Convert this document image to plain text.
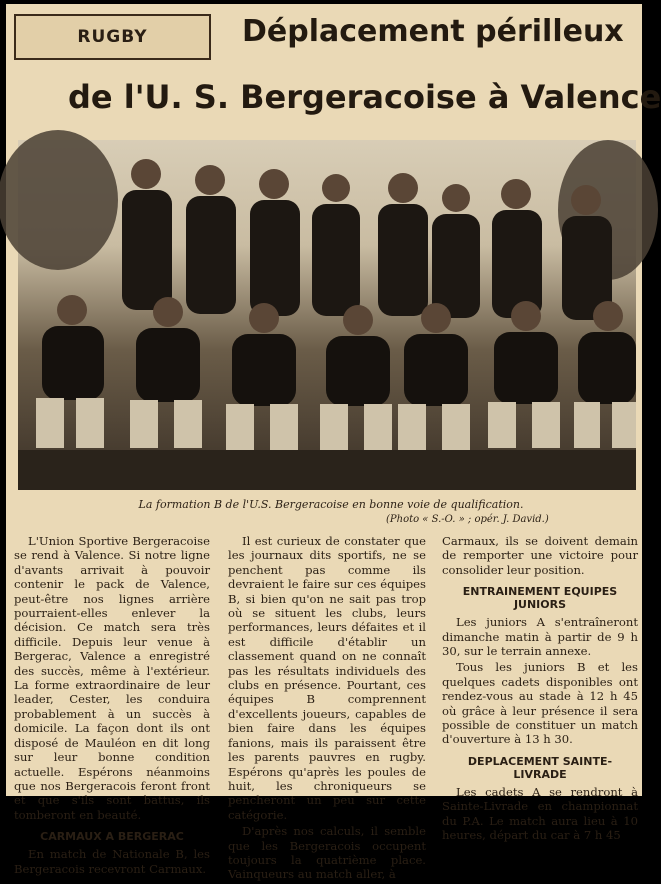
RUGBY	Déplacement périlleux
de l'U. S. Bergeracoise à Valence
La formation B de l'U.S. Bergeracoise en bonne voie de qualification.
(Photo « S.-O. » ; opér. J. David.)

L'Union Sportive Bergeracoise se rend à Valence. Si notre ligne d'avants arrivait à pouvoir contenir le pack de Valence, peut-être nos lignes arrière pourraient-elles enlever la décision. Ce match sera très difficile. Depuis leur venue à Bergerac, Valence a enregistré des succès, même à l'extérieur. La forme extraordinaire de leur leader, Cester, les conduira probablement à un succès à domicile. La façon dont ils ont disposé de Mauléon en dit long sur leur bonne condition actuelle. Espérons néanmoins que nos Bergeracois feront front et que s'ils sont battus, ils tomberont en beauté.

CARMAUX A BERGERAC

En match de Nationale B, les Bergeracois recevront Carmaux.

Il est curieux de constater que les journaux dits sportifs, ne se penchent pas comme ils devraient le faire sur ces équipes B, si bien qu'on ne sait pas trop où se situent les clubs, leurs performances, leurs défaites et il est difficile d'établir un classement quand on ne connaît pas les résultats individuels des clubs en présence. Pourtant, ces équipes B comprennent d'excellents joueurs, capables de bien faire dans les équipes fanions, mais ils paraissent être les parents pauvres en rugby. Espérons qu'après les poules de huit, les chroniqueurs se pencheront un peu sur cette catégorie.

D'après nos calculs, il semble que les Bergeracois occupent toujours la quatrième place. Vainqueurs au match aller, à

Carmaux, ils se doivent demain de remporter une victoire pour consolider leur position.

ENTRAINEMENT EQUIPES JUNIORS

Les juniors A s'entraîneront dimanche matin à partir de 9 h 30, sur le terrain annexe.

Tous les juniors B et les quelques cadets disponibles ont rendez-vous au stade à 12 h 45 où grâce à leur présence il sera possible de constituer un match d'ouverture à 13 h 30.

DEPLACEMENT SAINTE-LIVRADE

Les cadets A se rendront à Sainte-Livrade en championnat du P.A. Le match aura lieu à 10 heures, départ du car à 7 h 45
